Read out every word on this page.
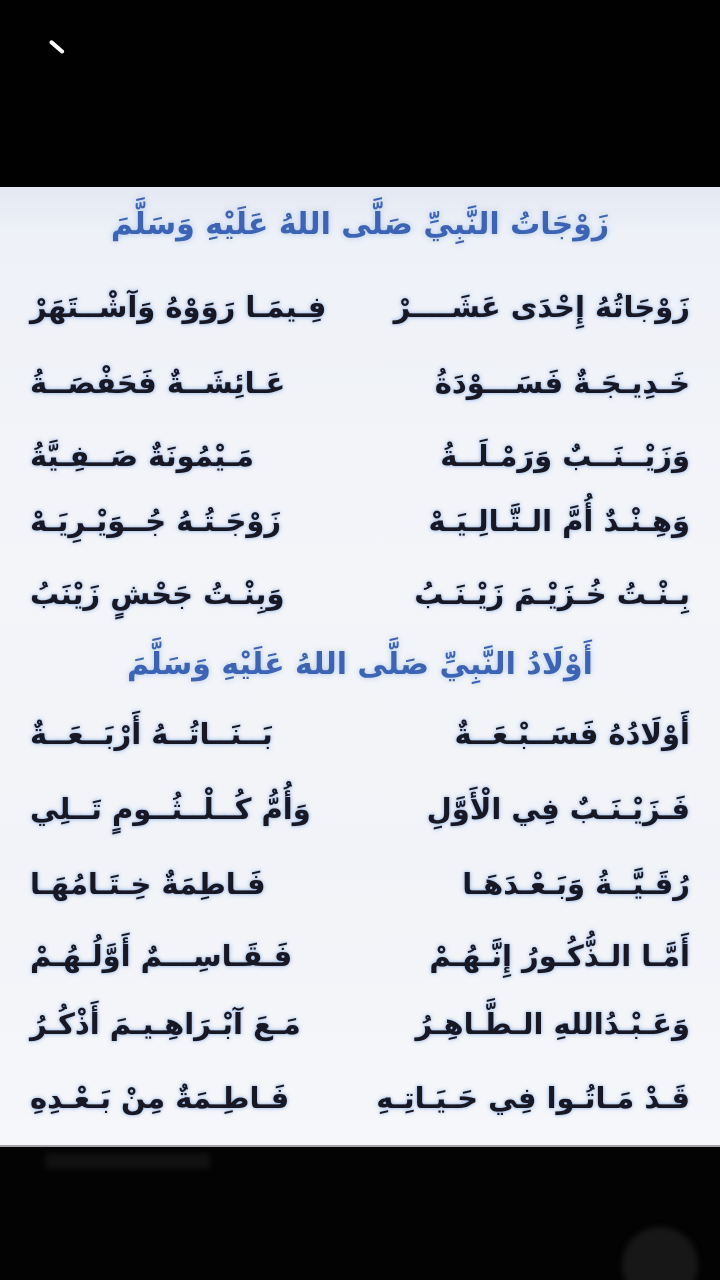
زَوْجَاتُ النَّبِيِّ صَلَّى اللهُ عَلَيْهِ وَسَلَّمَ
زَوْجَاتُهُ إِحْدَى عَشَــــرْ
فِـيمَـا رَوَوْهُ وَآشْــتَهَرْ
خَـدِيـجَـةٌ فَسَـــوْدَةُ
عَـائِشَــةٌ فَحَفْصَــةُ
وَزَيْــنَــبٌ وَرَمْـلَــةُ
مَـيْمُونَةٌ صَــفِـيَّةُ
وَهِـنْـدٌ أُمَّ الـتَّـالِـيَـهْ
زَوْجَـتُـهُ جُــوَيْـرِيَـهْ
بِـنْـتُ خُـزَيْـمَ زَيْـنَـبُ
وَبِنْـتُ جَحْشٍ زَيْنَبُ
أَوْلَادُ النَّبِيِّ صَلَّى اللهُ عَلَيْهِ وَسَلَّمَ
أَوْلَادُهُ فَسَــبْـعَــةٌ
بَــنَــاتُــهُ أَرْبَــعَــةٌ
فَـزَيْـنَـبٌ فِي الْأَوَّلِ
وَأُمُّ كُــلْــثُــومٍ تَــلِي
رُقَـيَّــةُ وَبَـعْـدَهَـا
فَـاطِمَةٌ خِـتَـامُهَـا
أَمَّـا الـذُّكُـورُ إِنَّـهُـمْ
فَـقَـاسِـــمٌ أَوَّلُـهُـمْ
وَعَـبْـدُاللهِ الـطَّـاهِـرُ
مَـعَ آبْـرَاهِـيـمَ أَذْكُـرُ
قَـدْ مَـاتُـوا فِي حَـيَـاتِـهِ
فَـاطِـمَةٌ مِنْ بَـعْـدِهِ
